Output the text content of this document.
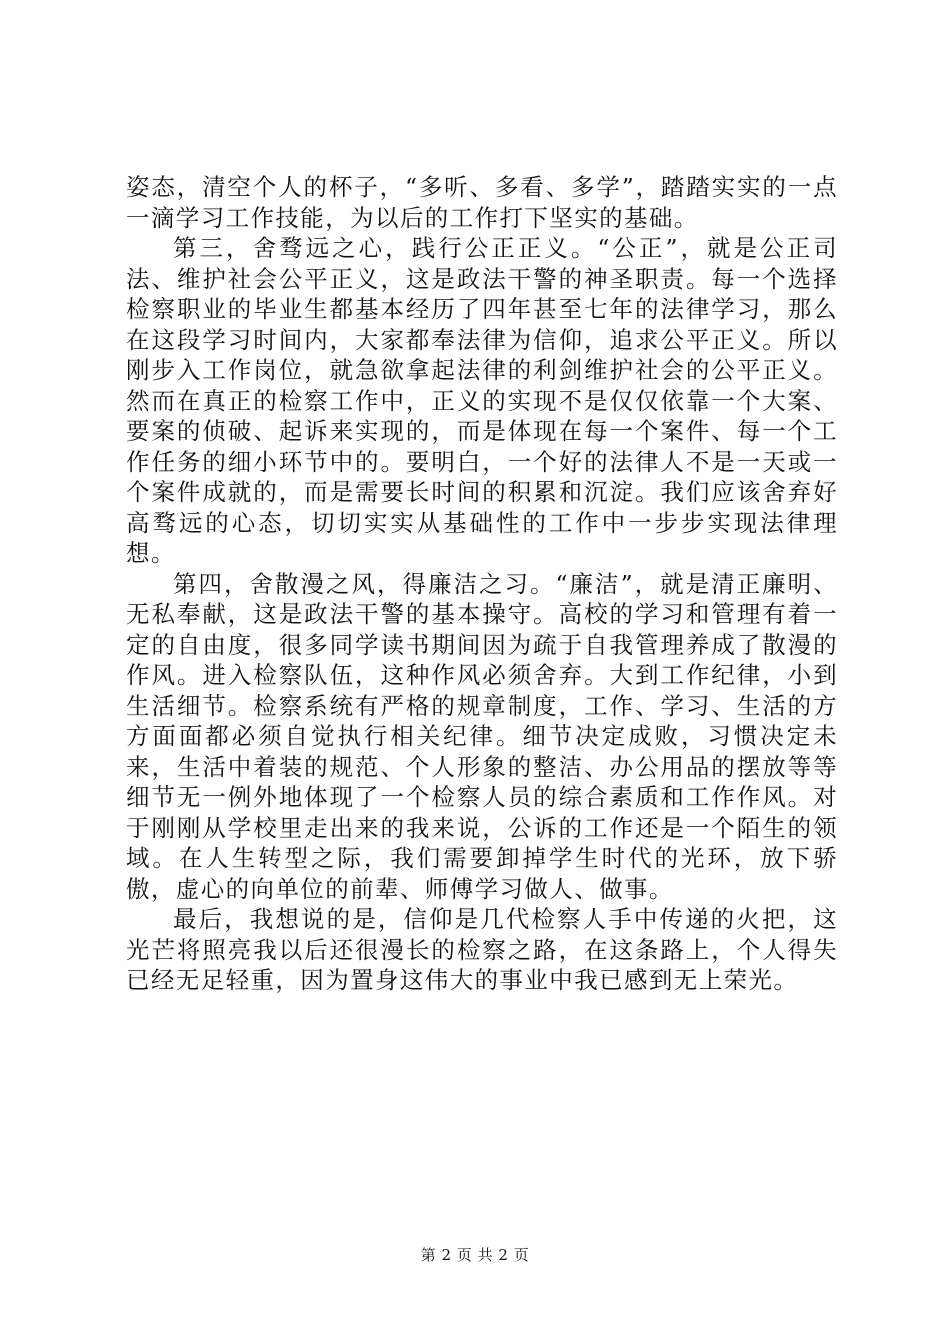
姿态，清空个人的杯子，“多听、多看、多学”，踏踏实实的一点一滴学习工作技能，为以后的工作打下坚实的基础。

第三，舍骛远之心，践行公正正义。“公正”，就是公正司法、维护社会公平正义，这是政法干警的神圣职责。每一个选择检察职业的毕业生都基本经历了四年甚至七年的法律学习，那么在这段学习时间内，大家都奉法律为信仰，追求公平正义。所以刚步入工作岗位，就急欲拿起法律的利剑维护社会的公平正义。然而在真正的检察工作中，正义的实现不是仅仅依靠一个大案、要案的侦破、起诉来实现的，而是体现在每一个案件、每一个工作任务的细小环节中的。要明白，一个好的法律人不是一天或一个案件成就的，而是需要长时间的积累和沉淀。我们应该舍弃好高骛远的心态，切切实实从基础性的工作中一步步实现法律理想。

第四，舍散漫之风，得廉洁之习。“廉洁”，就是清正廉明、无私奉献，这是政法干警的基本操守。高校的学习和管理有着一定的自由度，很多同学读书期间因为疏于自我管理养成了散漫的作风。进入检察队伍，这种作风必须舍弃。大到工作纪律，小到生活细节。检察系统有严格的规章制度，工作、学习、生活的方方面面都必须自觉执行相关纪律。细节决定成败，习惯决定未来，生活中着装的规范、个人形象的整洁、办公用品的摆放等等细节无一例外地体现了一个检察人员的综合素质和工作作风。对于刚刚从学校里走出来的我来说，公诉的工作还是一个陌生的领域。在人生转型之际，我们需要卸掉学生时代的光环，放下骄傲，虚心的向单位的前辈、师傅学习做人、做事。

最后，我想说的是，信仰是几代检察人手中传递的火把，这光芒将照亮我以后还很漫长的检察之路，在这条路上，个人得失已经无足轻重，因为置身这伟大的事业中我已感到无上荣光。

第 2 页 共 2 页
